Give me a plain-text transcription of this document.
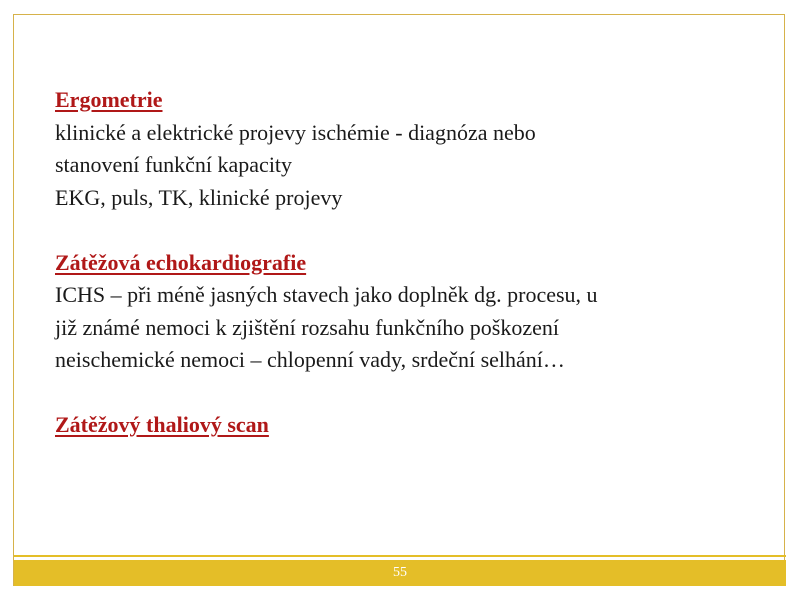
Ergometrie
klinické a elektrické projevy ischémie - diagnóza nebo
stanovení funkční kapacity
EKG, puls, TK, klinické projevy
Zátěžová echokardiografie
ICHS – při méně jasných stavech jako doplněk dg. procesu, u
již známé nemoci k zjištění rozsahu funkčního poškození
neischemické nemoci – chlopenní vady, srdeční selhání…
Zátěžový thaliový scan
55
